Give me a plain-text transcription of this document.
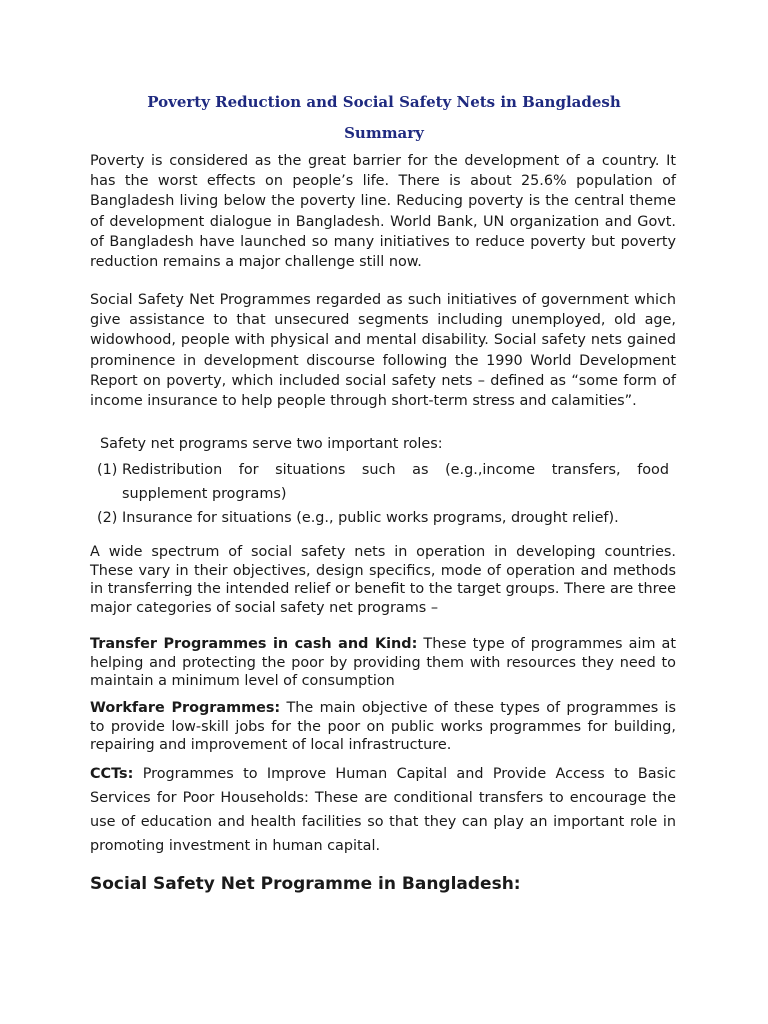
Poverty Reduction and Social Safety Nets in Bangladesh
Summary

Poverty is considered as the great barrier for the development of a country. It has the worst effects on people’s life. There is about 25.6% population of Bangladesh living below the poverty line. Reducing poverty is the central theme of development dialogue in Bangladesh. World Bank, UN organization and Govt. of Bangladesh have launched so many initiatives to reduce poverty but poverty reduction remains a major challenge still now.

Social Safety Net Programmes regarded as such initiatives of government which give assistance to that unsecured segments including unemployed, old age, widowhood, people with physical and mental disability. Social safety nets gained prominence in development discourse following the 1990 World Development Report on poverty, which included social safety nets – defined as “some form of income insurance to help people through short-term stress and calamities”.

Safety net programs serve two important roles:

(1) Redistribution for situations such as (e.g.,income transfers, food supplement programs)
(2) Insurance for situations (e.g., public works programs, drought relief).

A wide spectrum of social safety nets in operation in developing countries. These vary in their objectives, design specifics, mode of operation and methods in transferring the intended relief or benefit to the target groups. There are three major categories of social safety net programs –

Transfer Programmes in cash and Kind: These type of programmes aim at helping and protecting the poor by providing them with resources they need to maintain a minimum level of consumption

Workfare Programmes: The main objective of these types of programmes is to provide low-skill jobs for the poor on public works programmes for building, repairing and improvement of local infrastructure.

CCTs: Programmes to Improve Human Capital and Provide Access to Basic Services for Poor Households: These are conditional transfers to encourage the use of education and health facilities so that they can play an important role in promoting investment in human capital.

Social Safety Net Programme in Bangladesh:
